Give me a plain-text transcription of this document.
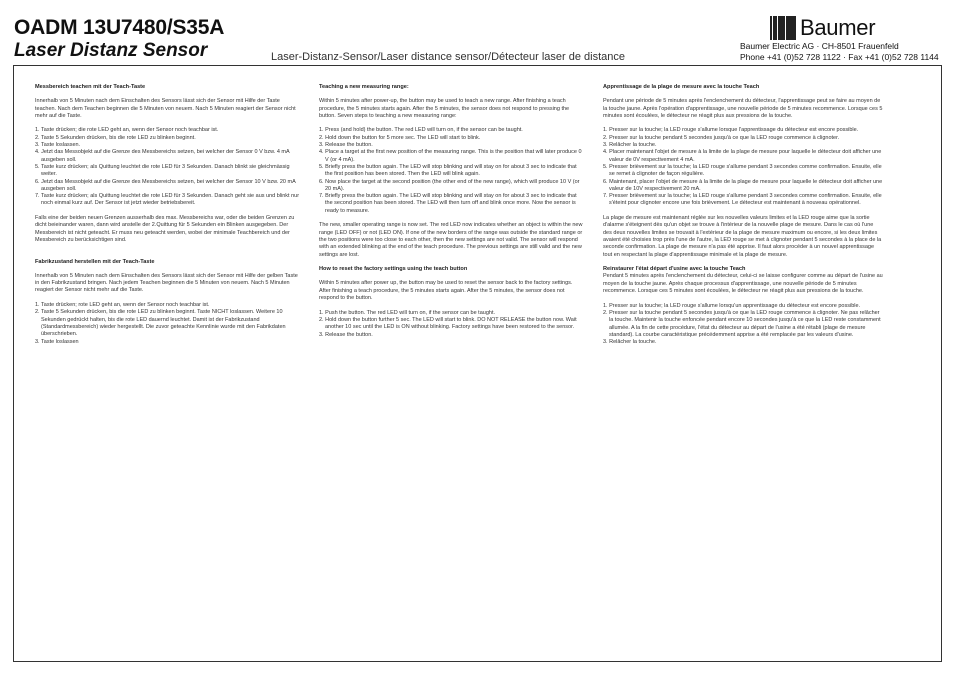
OADM 13U7480/S35A
Laser Distanz Sensor	Laser-Distanz-Sensor/Laser distance sensor/Détecteur laser de distance
Baumer
Baumer Electric AG · CH-8501 Frauenfeld
Phone +41 (0)52 728 1122 · Fax +41 (0)52 728 1144
Messbereich teachen mit der Teach-Taste

Innerhalb von 5 Minuten nach dem Einschalten des Sensors lässt sich der Sensor mit Hilfe der Taste teachen. Nach dem Teachen beginnen die 5 Minuten von neuem. Nach 5 Minuten reagiert der Sensor nicht mehr auf die Taste.

1. Taste drücken; die rote LED geht an, wenn der Sensor noch teachbar ist.
2. Taste 5 Sekunden drücken, bis die rote LED zu blinken beginnt.
3. Taste loslassen.
4. Jetzt das Messobjekt auf die Grenze des Messbereichs setzen, bei welcher der Sensor 0 V bzw. 4 mA ausgeben soll.
5. Taste kurz drücken; als Quittung leuchtet die rote LED für 3 Sekunden. Danach blinkt sie gleichmässig weiter.
6. Jetzt das Messobjekt auf die Grenze des Messbereichs setzen, bei welcher der Sensor 10 V bzw. 20 mA ausgeben soll.
7. Taste kurz drücken; als Quittung leuchtet die rote LED für 3 Sekunden. Danach geht sie aus und blinkt nur noch einmal kurz auf. Der Sensor ist jetzt wieder betriebsbereit.

Falls eine der beiden neuen Grenzen ausserhalb des max. Messbereichs war, oder die beiden Grenzen zu dicht beieinander waren, dann wird anstelle der 2.Quittung für 5 Sekunden ein Blinken ausgegeben. Der Messbereich ist nicht geteacht. Er muss neu geteacht werden, wobei der minimale Teachbereich und der Messbereich zu berücksichtigen sind.

Fabrikzustand herstellen mit der Teach-Taste

Innerhalb von 5 Minuten nach dem Einschalten des Sensors lässt sich der Sensor mit Hilfe der gelben Taste in den Fabrikzustand bringen. Nach jedem Teachen beginnen die 5 Minuten von neuem. Nach 5 Minuten reagiert der Sensor nicht mehr auf die Taste.

1. Taste drücken; rote LED geht an, wenn der Sensor noch teachbar ist.
2. Taste 5 Sekunden drücken, bis die rote LED zu blinken beginnt. Taste NICHT loslassen. Weitere 10 Sekunden gedrückt halten, bis die rote LED dauernd leuchtet. Damit ist der Fabrikzustand (Standardmessbereich) wieder hergestellt. Die zuvor geteachte Kennlinie wurde mit den Fabrikdaten überschrieben.
3. Taste loslassen
Teaching a new measuring range:

Within 5 minutes after power-up, the button may be used to teach a new range. After finishing a teach procedure, the 5 minutes starts again. After the 5 minutes, the sensor does not respond to pressing the button. Seven steps to teaching a new measuring range:

1. Press (and hold) the button. The red LED will turn on, if the sensor can be taught.
2. Hold down the button for 5 more sec. The LED will start to blink.
3. Release the button.
4. Place a target at the first new position of the measuring range. This is the position that will later produce 0 V (or 4 mA).
5. Briefly press the button again. The LED will stop blinking and will stay on for about 3 sec to indicate that the first position has been stored. Then the LED will blink again.
6. Now place the target at the second position (the other end of the new range), which will produce 10 V (or 20 mA).
7. Briefly press the button again. The LED will stop blinking and will stay on for about 3 sec to indicate that the second position has been stored. The LED will then turn off and blink once more. Now the sensor is ready to measure.

The new, smaller operating range is now set. The red LED now indicates whether an object is within the new range (LED OFF) or not (LED ON). If one of the new borders of the range was outside the standard range or the two positions were too close to each other, then the new settings are not valid. The sensor will respond with an extended blinking at the end of the teach procedure. The previous settings are still valid and the new settings are lost.

How to reset the factory settings using the teach button

Within 5 minutes after power up, the button may be used to reset the sensor back to the factory settings. After finishing a teach procedure, the 5 minutes starts again. After the 5 minutes, the sensor does not respond to the button.

1. Push the button. The red LED will turn on, if the sensor can be taught.
2. Hold down the button further 5 sec. The LED will start to blink. DO NOT RELEASE the button now. Wait another 10 sec until the LED is ON without blinking. Factory settings have been restored to the sensor.
3. Release the button.
Apprentissage de la plage de mesure avec la touche Teach

Pendant une période de 5 minutes après l'enclenchement du détecteur, l'apprentissage peut se faire au moyen de la touche jaune. Après l'opération d'apprentissage, une nouvelle période de 5 minutes recommence. Lorsque ces 5 minutes sont écoulées, le détecteur ne réagit plus aux pressions de la touche.

1. Presser sur la touche; la LED rouge s'allume lorsque l'apprentissage du détecteur est encore possible.
2. Presser sur la touche pendant 5 secondes jusqu'à ce que la LED rouge commence à clignoter.
3. Relâcher la touche.
4. Placer maintenant l'objet de mesure à la limite de la plage de mesure pour laquelle le détecteur doit afficher une valeur de 0V respectivement 4 mA.
5. Presser brièvement sur la touche; la LED rouge s'allume pendant 3 secondes comme confirmation. Ensuite, elle se remet à clignoter de façon régulière.
6. Maintenant, placer l'objet de mesure à la limite de la plage de mesure pour laquelle le détecteur doit afficher une valeur de 10V respectivement 20 mA.
7. Presser brièvement sur la touche; la LED rouge s'allume pendant 3 secondes comme confirmation. Ensuite, elle s'éteint pour clignoter encore une fois brièvement. Le détecteur est maintenant à nouveau opérationnel.

La plage de mesure est maintenant réglée sur les nouvelles valeurs limites et la LED rouge aime que la sortie d'alarme s'éteignent dès qu'un objet se trouve à l'intérieur de la nouvelle plage de mesure. Dans le cas où l'une des deux nouvelles limites se trouvait à l'extérieur de la plage de mesure maximum ou encore, si les deux limites avaient été choisies trop près l'une de l'autre, la LED rouge se met à clignoter pendant 5 secondes à la place de la seconde confirmation. La plage de mesure n'a pas été apprise. Il faut alors procéder à un nouvel apprentissage tout en respectant la plage d'apprentissage minimale et la plage de mesure.

Reinstaurer l'état départ d'usine avec la touche Teach

Pendant 5 minutes après l'enclenchement du détecteur, celui-ci se laisse configurer comme au départ de l'usine au moyen de la touche jaune. Après chaque processus d'apprentissage, une nouvelle période de 5 minutes recommence. Lorsque ces 5 minutes sont écoulées, le détecteur ne réagit plus aux pressions de la touche.

1. Presser sur la touche; la LED rouge s'allume lorsqu'un apprentissage du détecteur est encore possible.
2. Presser sur la touche pendant 5 secondes jusqu'à ce que la LED rouge commence à clignoter. Ne pas relâcher la touche. Maintenir la touche enfoncée pendant encore 10 secondes jusqu'à ce que la LED reste constamment allumée. A la fin de cette procédure, l'état du détecteur au départ de l'usine a été rétabli (plage de mesure standard). La courbe caractéristique précédemment apprise a été remplacée par les valeurs d'usine.
3. Relâcher la touche.
